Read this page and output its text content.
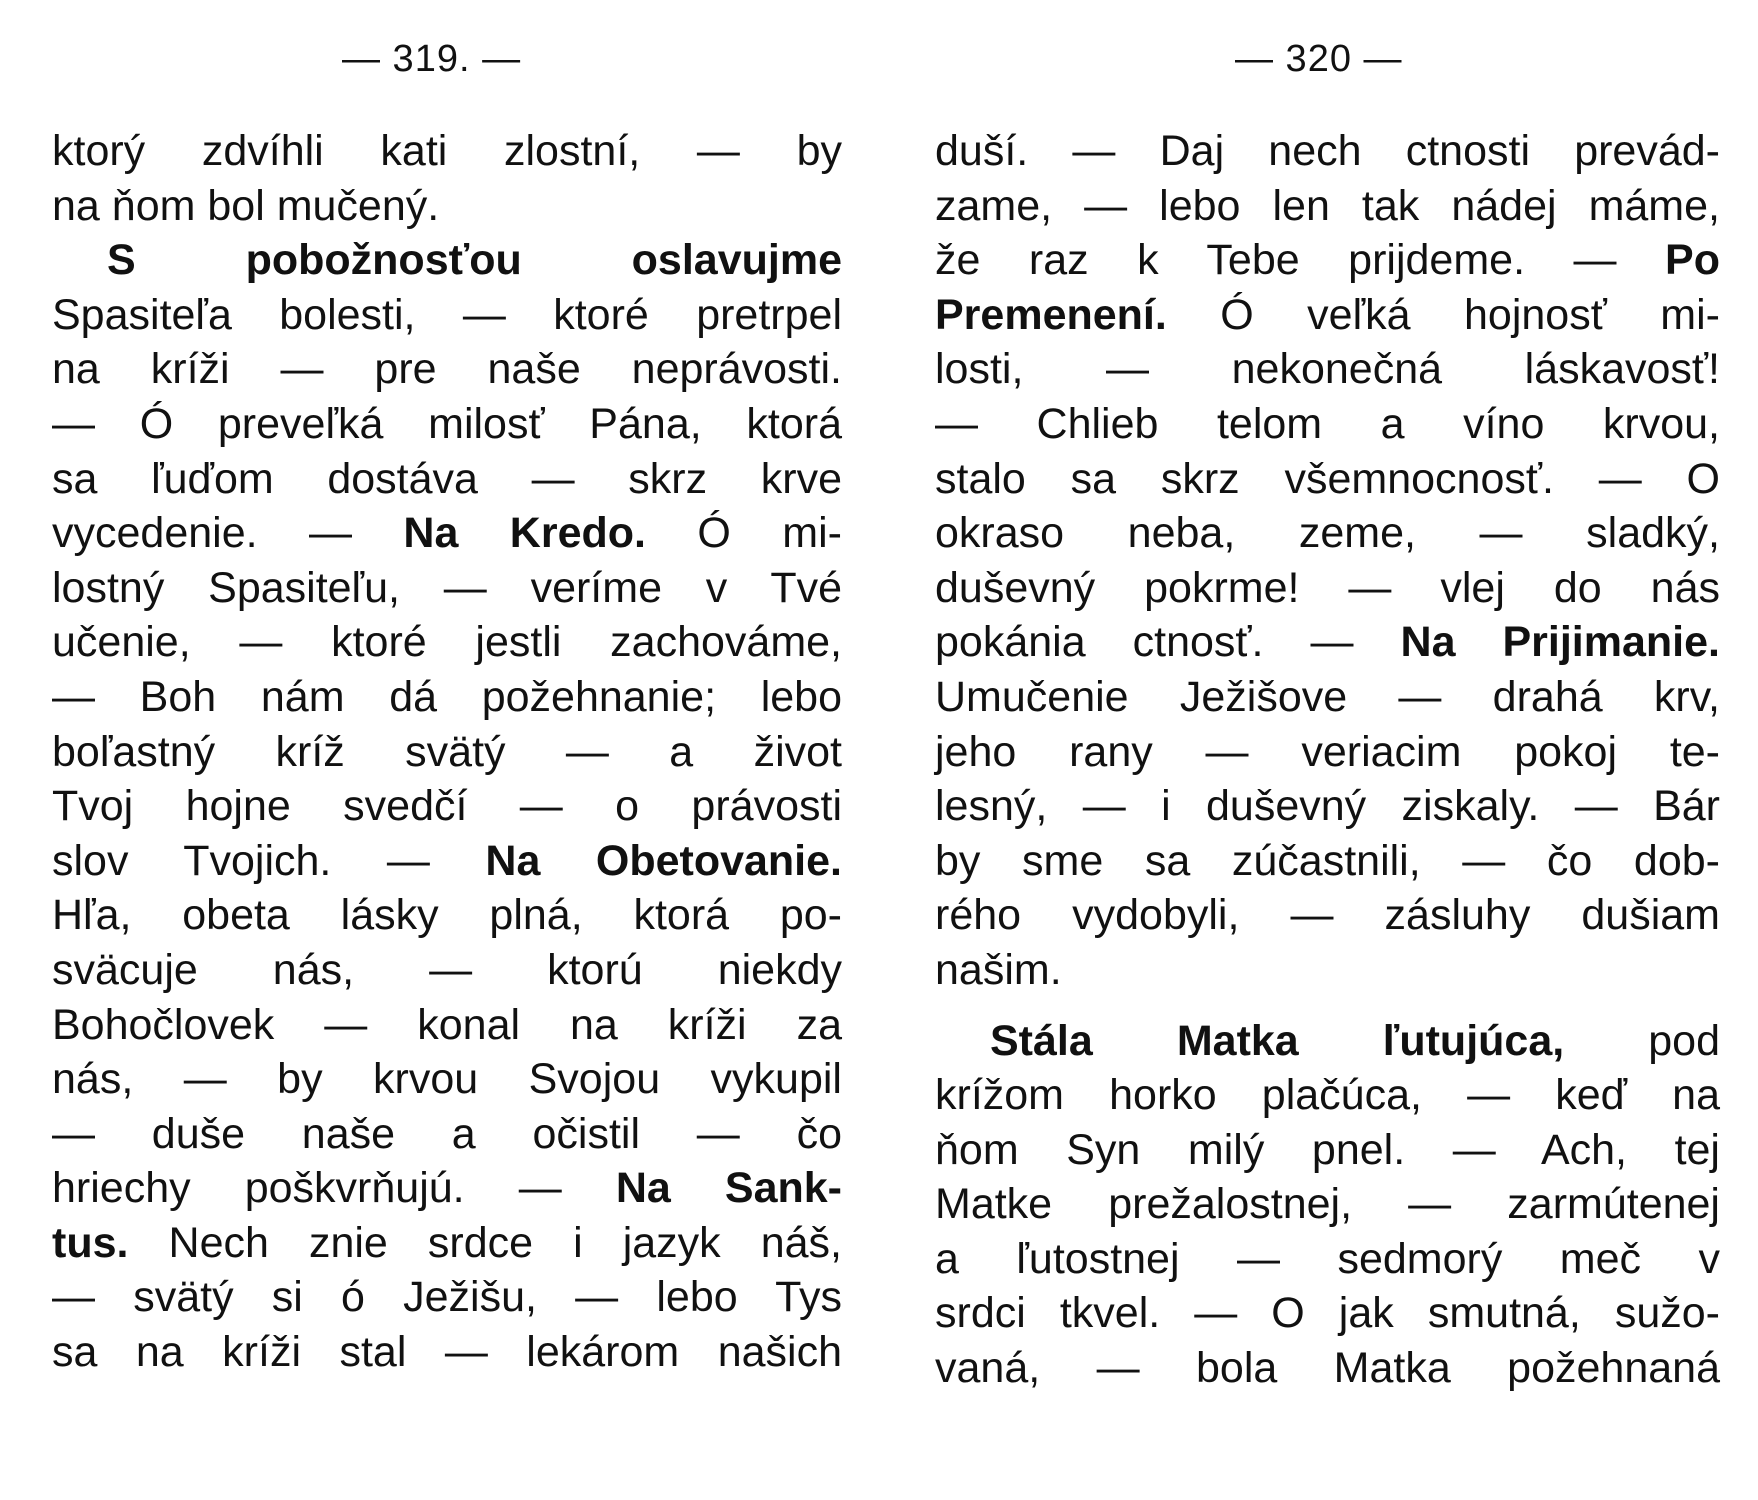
— 319. —
ktorý zdvíhli kati zlostní, — by
na ňom bol mučený.
S pobožnosťou oslavujme
Spasiteľa bolesti, — ktoré pretrpel
na kríži — pre naše neprávosti.
— Ó preveľká milosť Pána, ktorá
sa ľuďom dostáva — skrz krve
vycedenie. — Na Kredo. Ó mi-
lostný Spasiteľu, — veríme v Tvé
učenie, — ktoré jestli zachováme,
— Boh nám dá požehnanie; lebo
boľastný kríž svätý — a život
Tvoj hojne svedčí — o právosti
slov Tvojich. — Na Obetovanie.
Hľa, obeta lásky plná, ktorá po-
sväcuje nás, — ktorú niekdy
Bohočlovek — konal na kríži za
nás, — by krvou Svojou vykupil
— duše naše a očistil — čo
hriechy poškvrňujú. — Na Sank-
tus. Nech znie srdce i jazyk náš,
— svätý si ó Ježišu, — lebo Tys
sa na kríži stal — lekárom našich
— 320 —
duší. — Daj nech ctnosti prevád-
zame, — lebo len tak nádej máme,
že raz k Tebe prijdeme. — Po
Premenení. Ó veľká hojnosť mi-
losti, — nekonečná láskavosť!
— Chlieb telom a víno krvou,
stalo sa skrz všemnocnosť. — O
okraso neba, zeme, — sladký,
duševný pokrme! — vlej do nás
pokánia ctnosť. — Na Prijimanie.
Umučenie Ježišove — drahá krv,
jeho rany — veriacim pokoj te-
lesný, — i duševný ziskaly. — Bár
by sme sa zúčastnili, — čo dob-
rého vydobyli, — zásluhy dušiam
našim.
Stála Matka ľutujúca, pod
krížom horko plačúca, — keď na
ňom Syn milý pnel. — Ach, tej
Matke prežalostnej, — zarmútenej
a ľutostnej — sedmorý meč v
srdci tkvel. — O jak smutná, sužo-
vaná, — bola Matka požehnaná
